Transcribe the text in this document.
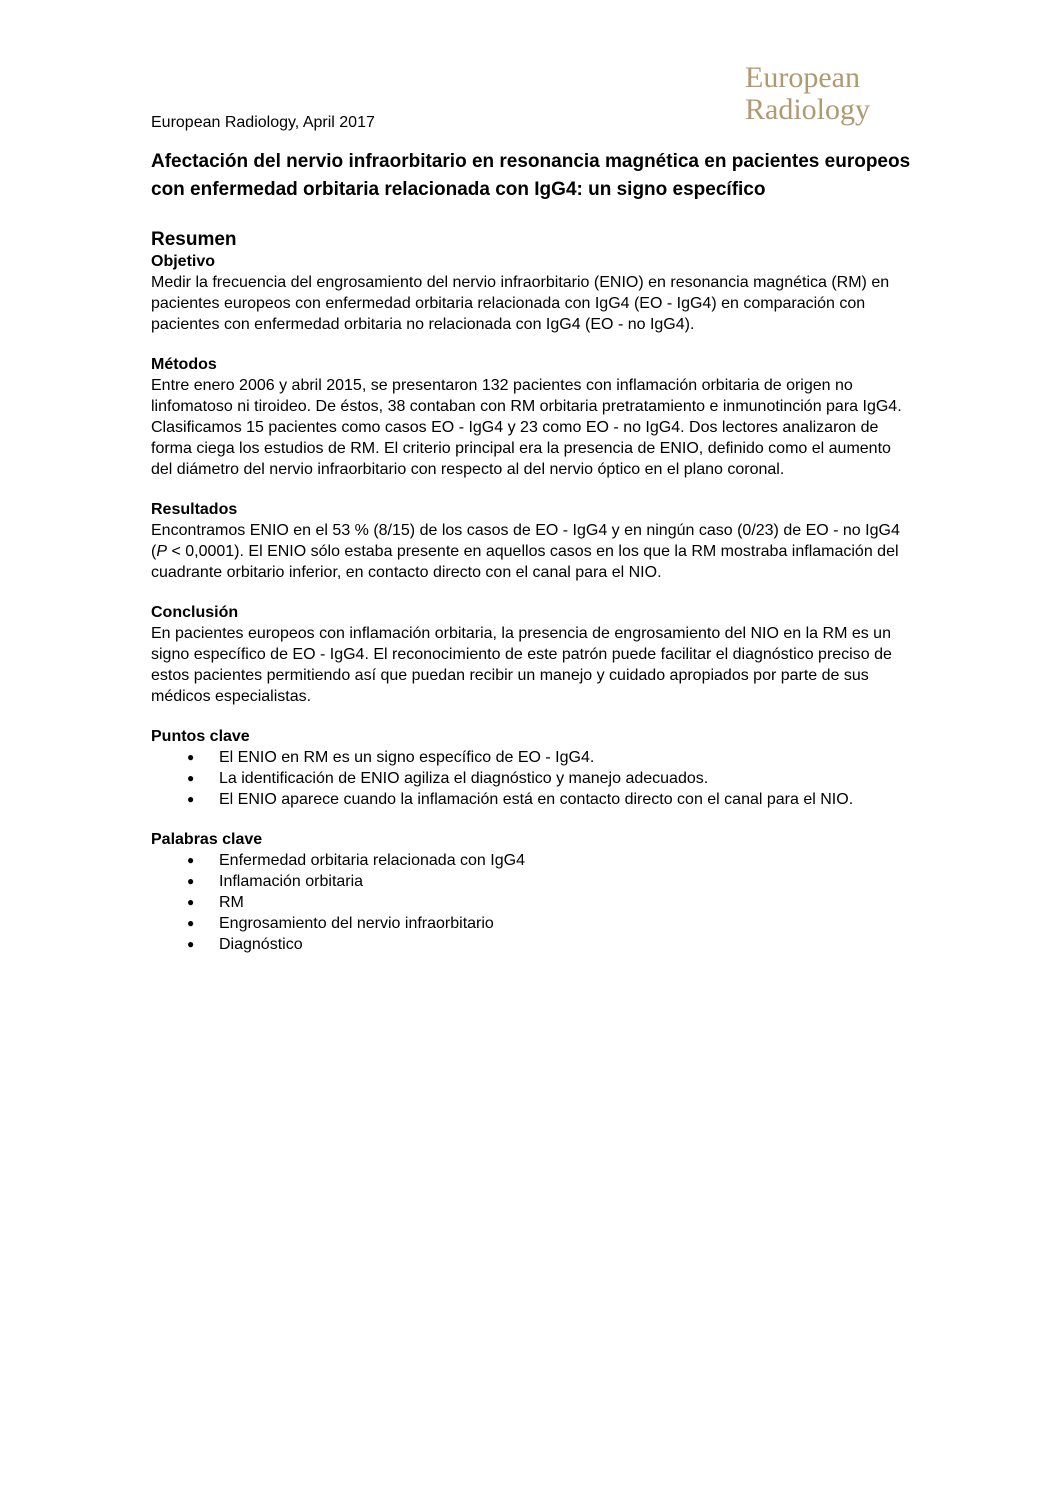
European
Radiology

European Radiology, April 2017

Afectación del nervio infraorbitario en resonancia magnética en pacientes europeos con enfermedad orbitaria relacionada con IgG4: un signo específico
Resumen
Objetivo

Medir la frecuencia del engrosamiento del nervio infraorbitario (ENIO) en resonancia magnética (RM) en pacientes europeos con enfermedad orbitaria relacionada con IgG4 (EO - IgG4) en comparación con pacientes con enfermedad orbitaria no relacionada con IgG4 (EO - no IgG4).

Métodos

Entre enero 2006 y abril 2015, se presentaron 132 pacientes con inflamación orbitaria de origen no linfomatoso ni tiroideo. De éstos, 38 contaban con RM orbitaria pretratamiento e inmunotinción para IgG4. Clasificamos 15 pacientes como casos EO - IgG4 y 23 como EO - no IgG4. Dos lectores analizaron de forma ciega los estudios de RM. El criterio principal era la presencia de ENIO, definido como el aumento del diámetro del nervio infraorbitario con respecto al del nervio óptico en el plano coronal.

Resultados

Encontramos ENIO en el 53 % (8/15) de los casos de EO - IgG4 y en ningún caso (0/23) de EO - no IgG4 (P < 0,0001). El ENIO sólo estaba presente en aquellos casos en los que la RM mostraba inflamación del cuadrante orbitario inferior, en contacto directo con el canal para el NIO.

Conclusión

En pacientes europeos con inflamación orbitaria, la presencia de engrosamiento del NIO en la RM es un signo específico de EO - IgG4. El reconocimiento de este patrón puede facilitar el diagnóstico preciso de estos pacientes permitiendo así que puedan recibir un manejo y cuidado apropiados por parte de sus médicos especialistas.

Puntos clave
● El ENIO en RM es un signo específico de EO - IgG4.
● La identificación de ENIO agiliza el diagnóstico y manejo adecuados.
● El ENIO aparece cuando la inflamación está en contacto directo con el canal para el NIO.
Palabras clave
● Enfermedad orbitaria relacionada con IgG4
● Inflamación orbitaria
● RM
● Engrosamiento del nervio infraorbitario
● Diagnóstico
